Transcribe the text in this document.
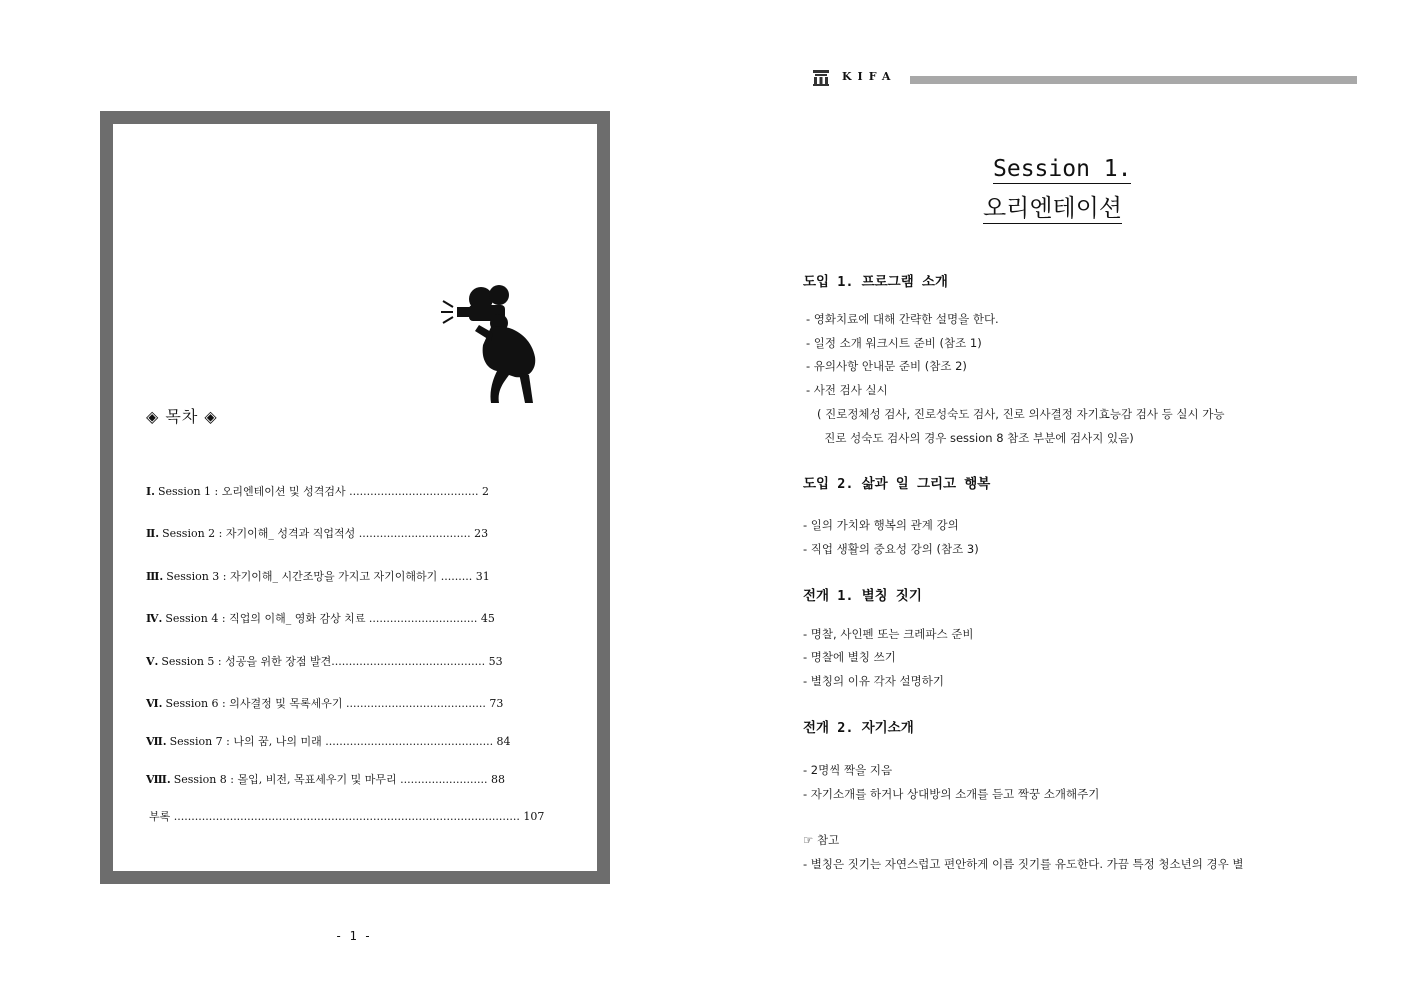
◈ 목차 ◈
Ⅰ. Session 1 : 오리엔테이션 및 성격검사 ..................................... 2
Ⅱ. Session 2 : 자기이해_ 성격과 직업적성 ................................ 23
Ⅲ. Session 3 : 자기이해_ 시간조망을 가지고 자기이해하기 ......... 31
Ⅳ. Session 4 : 직업의 이해_ 영화 감상 치료 ............................... 45
Ⅴ. Session 5 : 성공을 위한 장점 발견............................................ 53
Ⅵ. Session 6 : 의사결정 및 목록세우기 ........................................ 73
Ⅶ. Session 7 : 나의 꿈, 나의 미래 ................................................ 84
Ⅷ. Session 8 : 몰입, 비전, 목표세우기 및 마무리 ......................... 88
부록 ................................................................................................... 107
- 1 -
KIFA
Session 1.
오리엔테이션
도입 1. 프로그램 소개
- 영화치료에 대해 간략한 설명을 한다.
- 일정 소개 워크시트 준비 (참조 1)
- 유의사항 안내문 준비 (참조 2)
- 사전 검사 실시
( 진로정체성 검사, 진로성숙도 검사, 진로 의사결정 자기효능감 검사 등 실시 가능
진로 성숙도 검사의 경우 session 8 참조 부분에 검사지 있음)
도입 2. 삶과 일 그리고 행복
- 일의 가치와 행복의 관계 강의
- 직업 생활의 중요성 강의 (참조 3)
전개 1. 별칭 짓기
- 명찰, 사인펜 또는 크레파스 준비
- 명찰에 별칭 쓰기
- 별칭의 이유 각자 설명하기
전개 2. 자기소개
- 2명씩 짝을 지음
- 자기소개를 하거나 상대방의 소개를 듣고 짝꿍 소개해주기
☞ 참고
- 별칭은 짓기는 자연스럽고 편안하게 이름 짓기를 유도한다. 가끔 특정 청소년의 경우 별
